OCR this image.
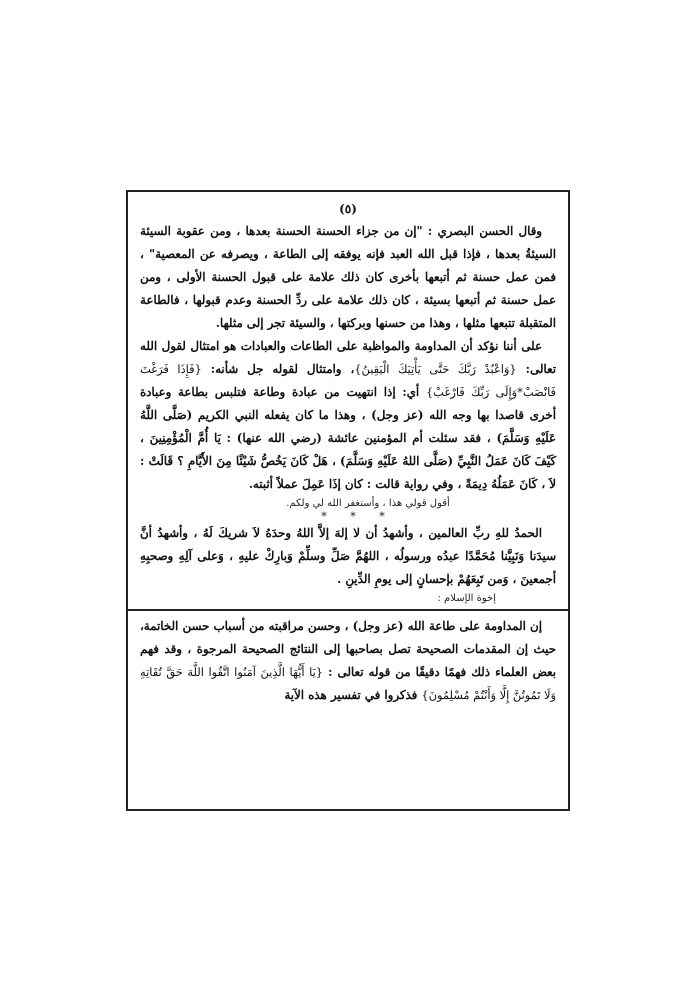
(٥)

وقال الحسن البصري : "إن من جزاء الحسنة الحسنة بعدها ، ومن عقوبة السيئة السيئةُ بعدها ، فإذا قبل الله العبد فإنه يوفقه إلى الطاعة ، ويصرفه عن المعصية" ، فمن عمل حسنة ثم أتبعها بأخرى كان ذلك علامة على قبول الحسنة الأولى ، ومن عمل حسنة ثم أتبعها بسيئة ، كان ذلك علامة على ردِّ الحسنة وعدم قبولها ، فالطاعة المتقبلة تتبعها مثلها ، وهذا من حسنها وبركتها ، والسيئة تجر إلى مثلها.

على أننا نؤكد أن المداومة والمواظبة على الطاعات والعبادات هو امتثال لقول الله تعالى: {وَاعْبُدْ رَبَّكَ حَتَّى يَأْتِيَكَ الْيَقِينُ}، وامتثال لقوله جل شأنه: {فَإِذَا فَرَغْتَ فَانْصَبْ*وَإِلَى رَبِّكَ فَارْغَبْ} أي: إذا انتهيت من عبادة وطاعة فتلبس بطاعة وعبادة أخرى قاصدا بها وجه الله (عز وجل) ، وهذا ما كان يفعله النبي الكريم (صَلَّى اللَّهُ عَلَيْهِ وَسَلَّمَ) ، فقد سئلت أم المؤمنين عائشة (رضي الله عنها) : يَا أُمَّ الْمُؤْمِنِينَ ، كَيْفَ كَانَ عَمَلُ النَّبِيِّ (صَلَّى اللهُ عَلَيْهِ وَسَلَّمَ) ، هَلْ كَانَ يَخُصُّ شَيْئًا مِنَ الأَيَّامِ ؟ قَالَتْ : لاَ ، كَانَ عَمَلُهُ دِيمَةً ، وفي رواية قالت : كان إذَا عَمِلَ عملاً أثبته.

أقول قولي هذا ، وأستغفر الله لي ولكم.

* * *

الحمدُ للهِ ربِّ العالمين ، وأشهدُ أن لا إلهَ إلاَّ اللهُ وحدَهُ لاَ شريكَ لَهُ ، وأشهدُ أنَّ سيدَنا وَنَبِيَّنا مُحَمَّدًا عبدُه ورسولُه ، اللهُمَّ صَلِّ وسلِّمْ وَبارِكْ عليهِ ، وَعلى آلِهِ وصحبِهِ أجمعينَ ، وَمن تَبِعَهُمْ بإحسانٍ إلى يومِ الدِّينِ .

إخوة الإسلام :

إن المداومة على طاعة الله (عز وجل) ، وحسن مراقبته من أسباب حسن الخاتمة، حيث إن المقدمات الصحيحة تصل بصاحبها إلى النتائج الصحيحة المرجوة ، وقد فهم بعض العلماء ذلك فهمًا دقيقًا من قوله تعالى : {يَا أَيُّهَا الَّذِينَ آمَنُوا اتَّقُوا اللَّهَ حَقَّ تُقَاتِهِ وَلَا تَمُوتُنَّ إِلَّا وَأَنْتُمْ مُسْلِمُونَ} فذكروا في تفسير هذه الآية
